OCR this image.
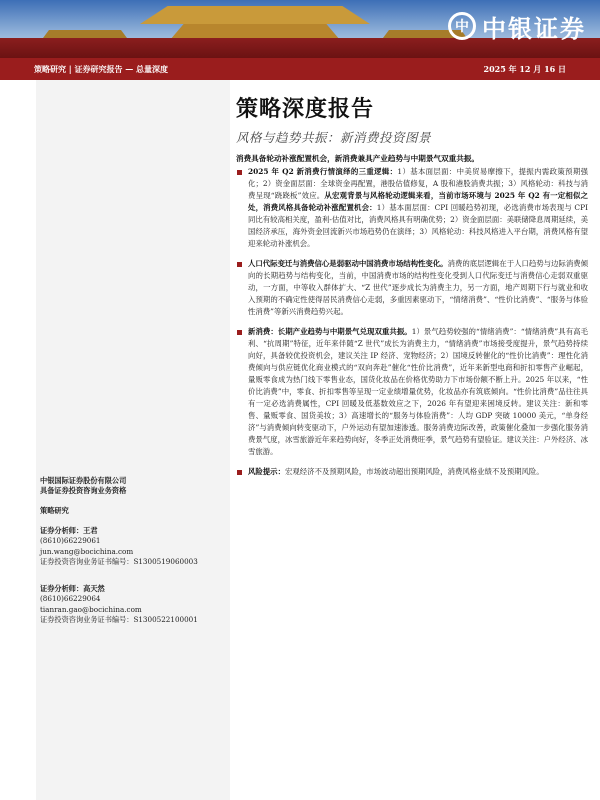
中银国际证券股份有限公司
具备证券投资咨询业务资格
策略研究
证券分析师：王君
(8610)66229061
jun.wang@bocichina.com
证券投资咨询业务证书编号：S1300519060003
证券分析师：高天然
(8610)66229064
tianran.gao@bocichina.com
证券投资咨询业务证书编号：S1300522100001
中 中银证券
策略研究 | 证券研究报告 — 总量深度	2025 年 12 月 16 日
策略深度报告
风格与趋势共振：新消费投资图景
消费具备轮动补涨配置机会，新消费兼具产业趋势与中期景气双重共振。

2025 年 Q2 新消费行情演绎的三重逻辑：1）基本面层面：中美贸易摩擦下，提振内需政策预期强化；2）资金面层面：全球资金再配置，港股估值修复，A 股和港股消费共振；3）风格轮动：科技与消费呈现“跷跷板”效应。从宏观背景与风格轮动逻辑来看，当前市场环境与 2025 年 Q2 有一定相似之处，消费风格具备轮动补涨配置机会：1）基本面层面：CPI 回暖趋势初现，必选消费市场表现与 CPI 同比有较高相关度，盈利-估值对比，消费风格具有明确优势；2）资金面层面：美联储降息周期延续，美国经济承压，海外资金回流新兴市场趋势仍在演绎；3）风格轮动：科技风格进入平台期，消费风格有望迎来轮动补涨机会。

人口代际变迁与消费信心是弱驱动中国消费市场结构性变化。消费的底层逻辑在于人口趋势与边际消费倾向的长期趋势与结构变化，当前，中国消费市场的结构性变化受到人口代际变迁与消费信心走弱双重驱动，一方面，中等收入群体扩大、“Z 世代”逐步成长为消费主力，另一方面，地产周期下行与就业和收入预期的不确定性使得居民消费信心走弱，多重因素驱动下，“情绪消费”、“性价比消费”、“服务与体验性消费”等新兴消费趋势兴起。

新消费：长期产业趋势与中期景气兑现双重共振。1）景气趋势较强的“情绪消费”：“情绪消费”具有高毛利、“抗周期”特征，近年来伴随“Z 世代”成长为消费主力，“情绪消费”市场接受度提升，景气趋势持续向好，具备较优投资机会，建议关注 IP 经济、宠物经济；2）国境反转催化的“性价比消费”：理性化消费倾向与供应链优化商业模式的“双向奔赴”催化“性价比消费”，近年来新型电商和折扣零售产业崛起，量贩零食成为热门线下零售业态，国货化妆品在价格优势助力下市场份额不断上升。2025 年以来，“性价比消费”中，零食、折扣零售等呈现一定业绩增量优势，化妆品亦有筑底倾向。“性价比消费”品往往具有一定必选消费属性，CPI 回暖及低基数效应之下，2026 年有望迎来困境反转。建议关注：新和零售、量贩零食、国货美妆；3）高速增长的“服务与体验消费”：人均 GDP 突破 10000 美元，“单身经济”与消费倾向转变驱动下，户外运动有望加速渗透。服务消费边际改善，政策催化叠加一步强化服务消费景气度，冰雪旅游近年来趋势向好，冬季正处消费旺季，景气趋势有望验证。建议关注：户外经济、冰雪旅游。

风险提示：宏观经济不及预期风险，市场波动超出预期风险，消费风格业绩不及预期风险。
